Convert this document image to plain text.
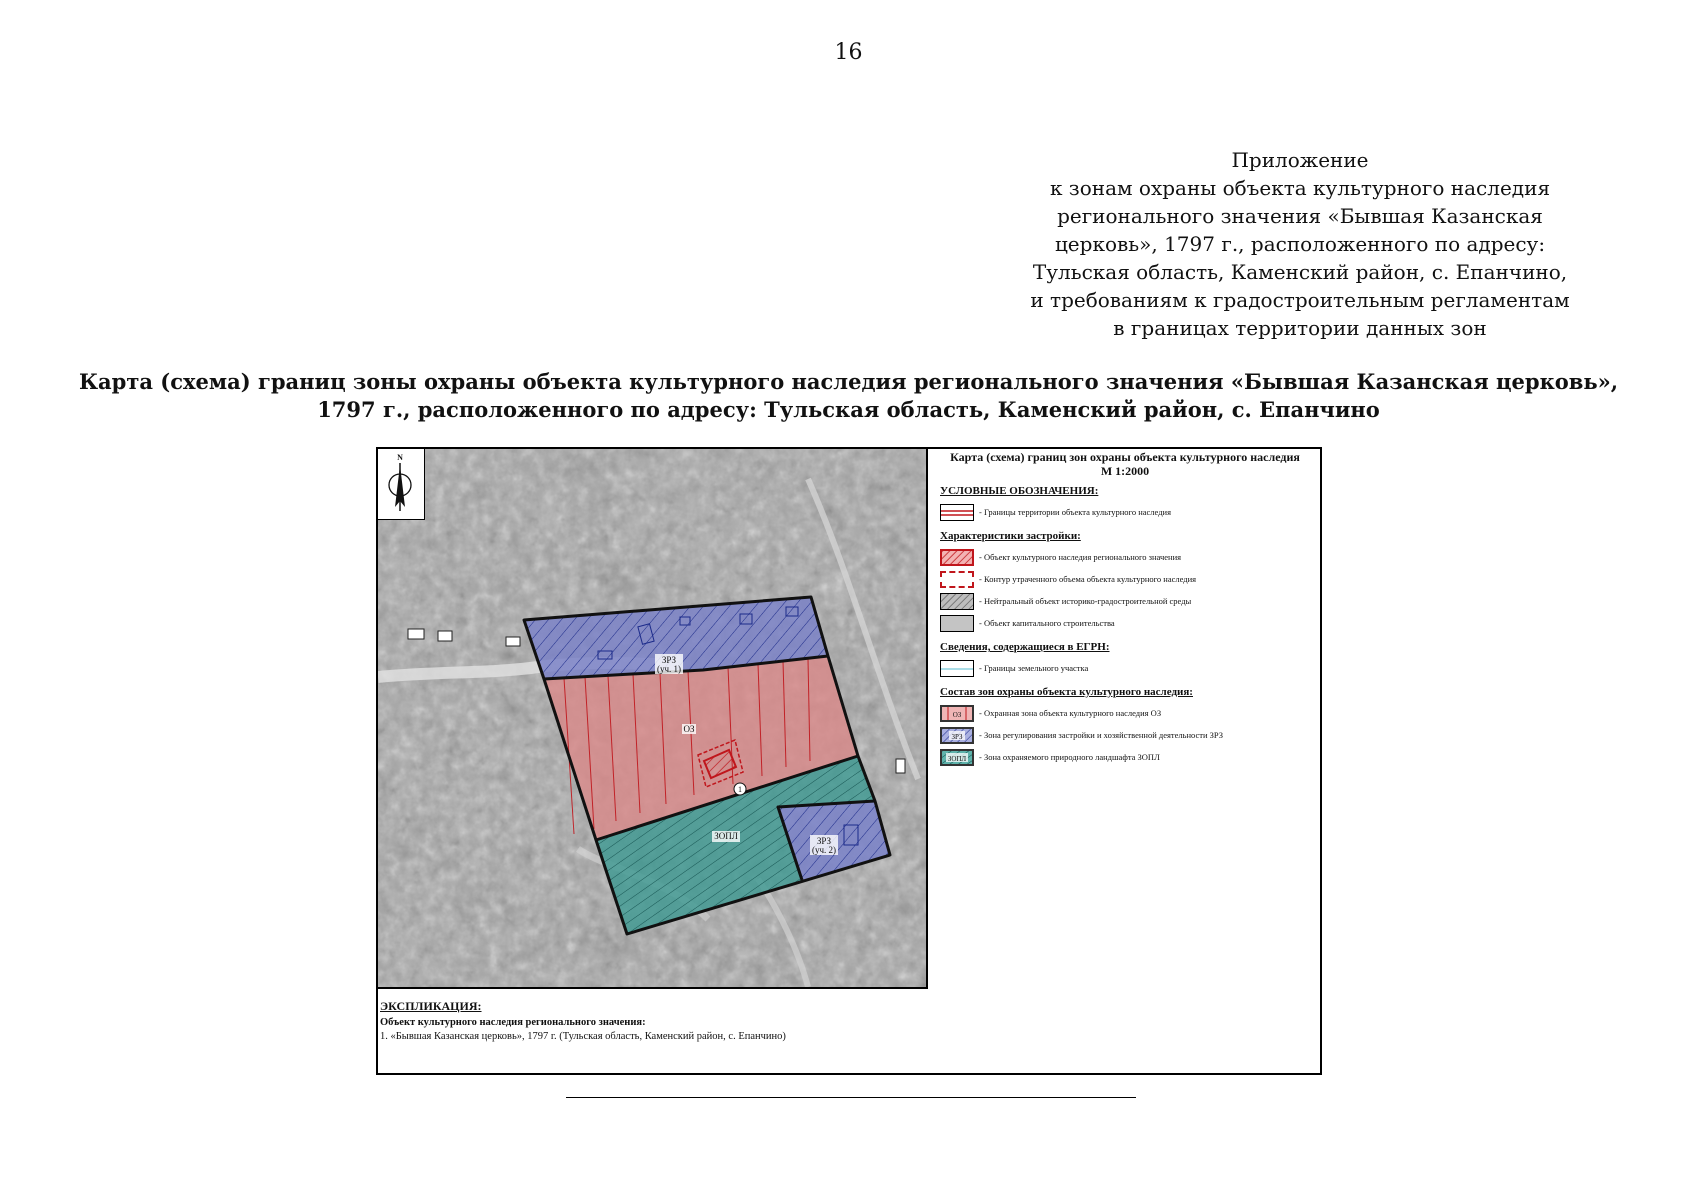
16
Приложение
к зонам охраны объекта культурного наследия
регионального значения «Бывшая Казанская
церковь», 1797 г., расположенного по адресу:
Тульская область, Каменский район, с. Епанчино,
и требованиям к градостроительным регламентам
в границах территории данных зон
Карта (схема) границ зоны охраны объекта культурного наследия регионального значения «Бывшая Казанская церковь»,
1797 г., расположенного по адресу: Тульская область, Каменский район, с. Епанчино
1
ЗРЗ
(уч. 1)
ОЗ
ЗОПЛ	ЗРЗ
(уч. 2)
N	Карта (схема) границ зон охраны объекта культурного наследия
М 1:2000
УСЛОВНЫЕ ОБОЗНАЧЕНИЯ:
- Границы территории объекта культурного наследия
Характеристики застройки:
- Объект культурного наследия регионального значения
- Контур утраченного объема объекта культурного наследия
- Нейтральный объект историко-градостроительной среды
- Объект капитального строительства
Сведения, содержащиеся в ЕГРН:
- Границы земельного участка
Состав зон охраны объекта культурного наследия:
ОЗ - Охранная зона объекта культурного наследия ОЗ
ЗРЗ - Зона регулирования застройки и хозяйственной деятельности ЗРЗ
ЗОПЛ - Зона охраняемого природного ландшафта ЗОПЛ
ЭКСПЛИКАЦИЯ:
Объект культурного наследия регионального значения:
1. «Бывшая Казанская церковь», 1797 г. (Тульская область, Каменский район, с. Епанчино)
